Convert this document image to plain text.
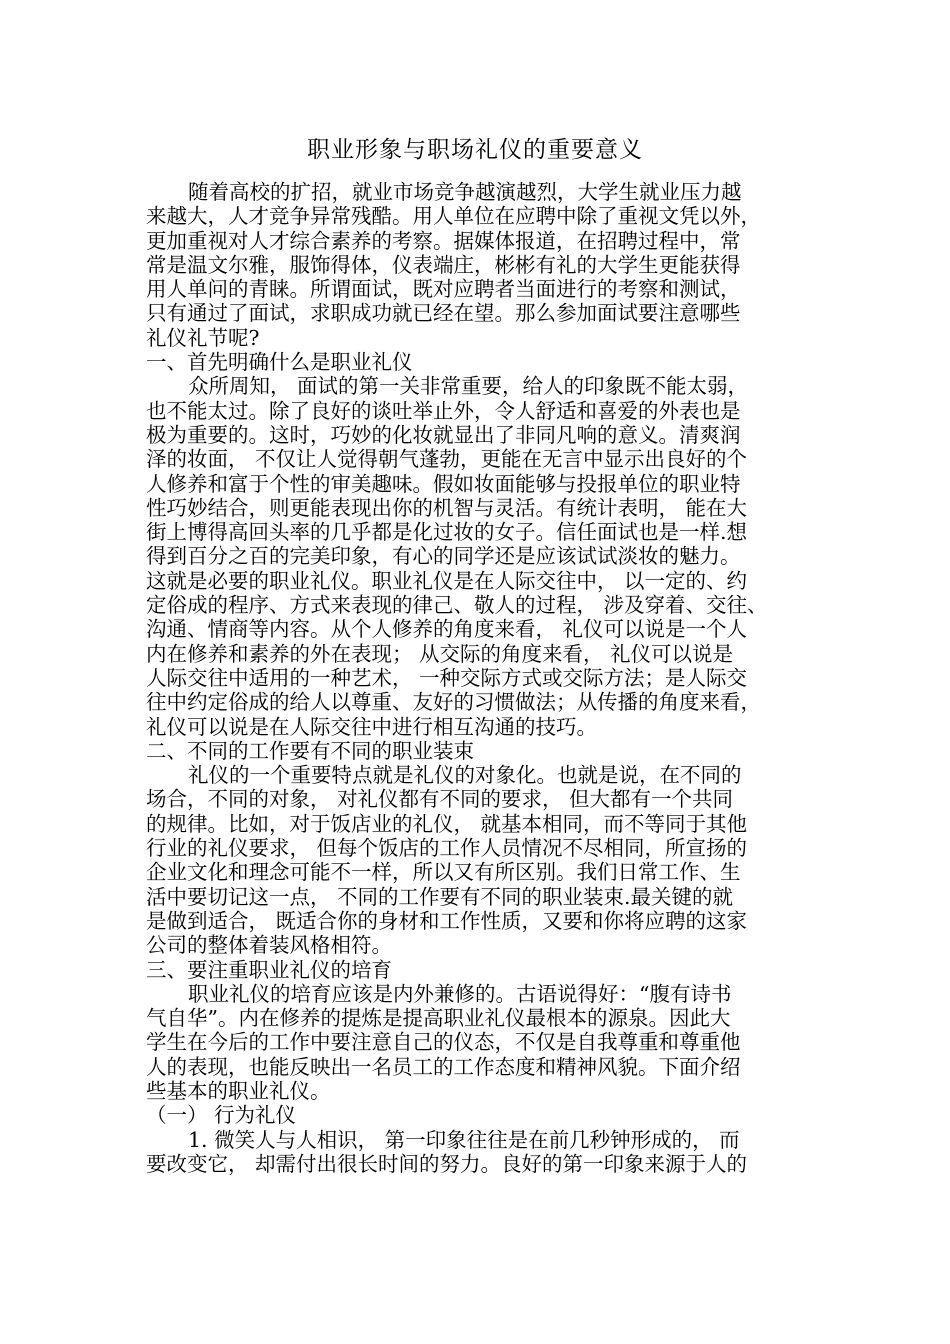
职业形象与职场礼仪的重要意义
随着高校的扩招，就业市场竞争越演越烈，大学生就业压力越
来越大，人才竞争异常残酷。用人单位在应聘中除了重视文凭以外，
更加重视对人才综合素养的考察。据媒体报道，在招聘过程中，常
常是温文尔雅，服饰得体，仪表端庄，彬彬有礼的大学生更能获得
用人单问的青睐。所谓面试，既对应聘者当面进行的考察和测试，
只有通过了面试，求职成功就已经在望。那么参加面试要注意哪些
礼仪礼节呢?
一、首先明确什么是职业礼仪
众所周知， 面试的第一关非常重要，给人的印象既不能太弱，
也不能太过。除了良好的谈吐举止外，令人舒适和喜爱的外表也是
极为重要的。这时，巧妙的化妆就显出了非同凡响的意义。清爽润
泽的妆面， 不仅让人觉得朝气蓬勃，更能在无言中显示出良好的个
人修养和富于个性的审美趣味。假如妆面能够与投报单位的职业特
性巧妙结合，则更能表现出你的机智与灵活。有统计表明， 能在大
街上博得高回头率的几乎都是化过妆的女子。信任面试也是一样.想
得到百分之百的完美印象，有心的同学还是应该试试淡妆的魅力。
这就是必要的职业礼仪。职业礼仪是在人际交往中， 以一定的、约
定俗成的程序、方式来表现的律己、敬人的过程， 涉及穿着、交往、
沟通、情商等内容。从个人修养的角度来看， 礼仪可以说是一个人
内在修养和素养的外在表现； 从交际的角度来看， 礼仪可以说是
人际交往中适用的一种艺术， 一种交际方式或交际方法；是人际交
往中约定俗成的给人以尊重、友好的习惯做法；从传播的角度来看，
礼仪可以说是在人际交往中进行相互沟通的技巧。
二、不同的工作要有不同的职业装束
礼仪的一个重要特点就是礼仪的对象化。也就是说，在不同的
场合，不同的对象， 对礼仪都有不同的要求， 但大都有一个共同
的规律。比如，对于饭店业的礼仪， 就基本相同，而不等同于其他
行业的礼仪要求， 但每个饭店的工作人员情况不尽相同，所宣扬的
企业文化和理念可能不一样，所以又有所区别。我们日常工作、生
活中要切记这一点， 不同的工作要有不同的职业装束.最关键的就
是做到适合， 既适合你的身材和工作性质，又要和你将应聘的这家
公司的整体着装风格相符。
三、要注重职业礼仪的培育
职业礼仪的培育应该是内外兼修的。古语说得好：“腹有诗书
气自华”。内在修养的提炼是提高职业礼仪最根本的源泉。因此大
学生在今后的工作中要注意自己的仪态，不仅是自我尊重和尊重他
人的表现，也能反映出一名员工的工作态度和精神风貌。下面介绍
些基本的职业礼仪。
（一） 行为礼仪
1. 微笑人与人相识， 第一印象往往是在前几秒钟形成的， 而
要改变它， 却需付出很长时间的努力。良好的第一印象来源于人的
